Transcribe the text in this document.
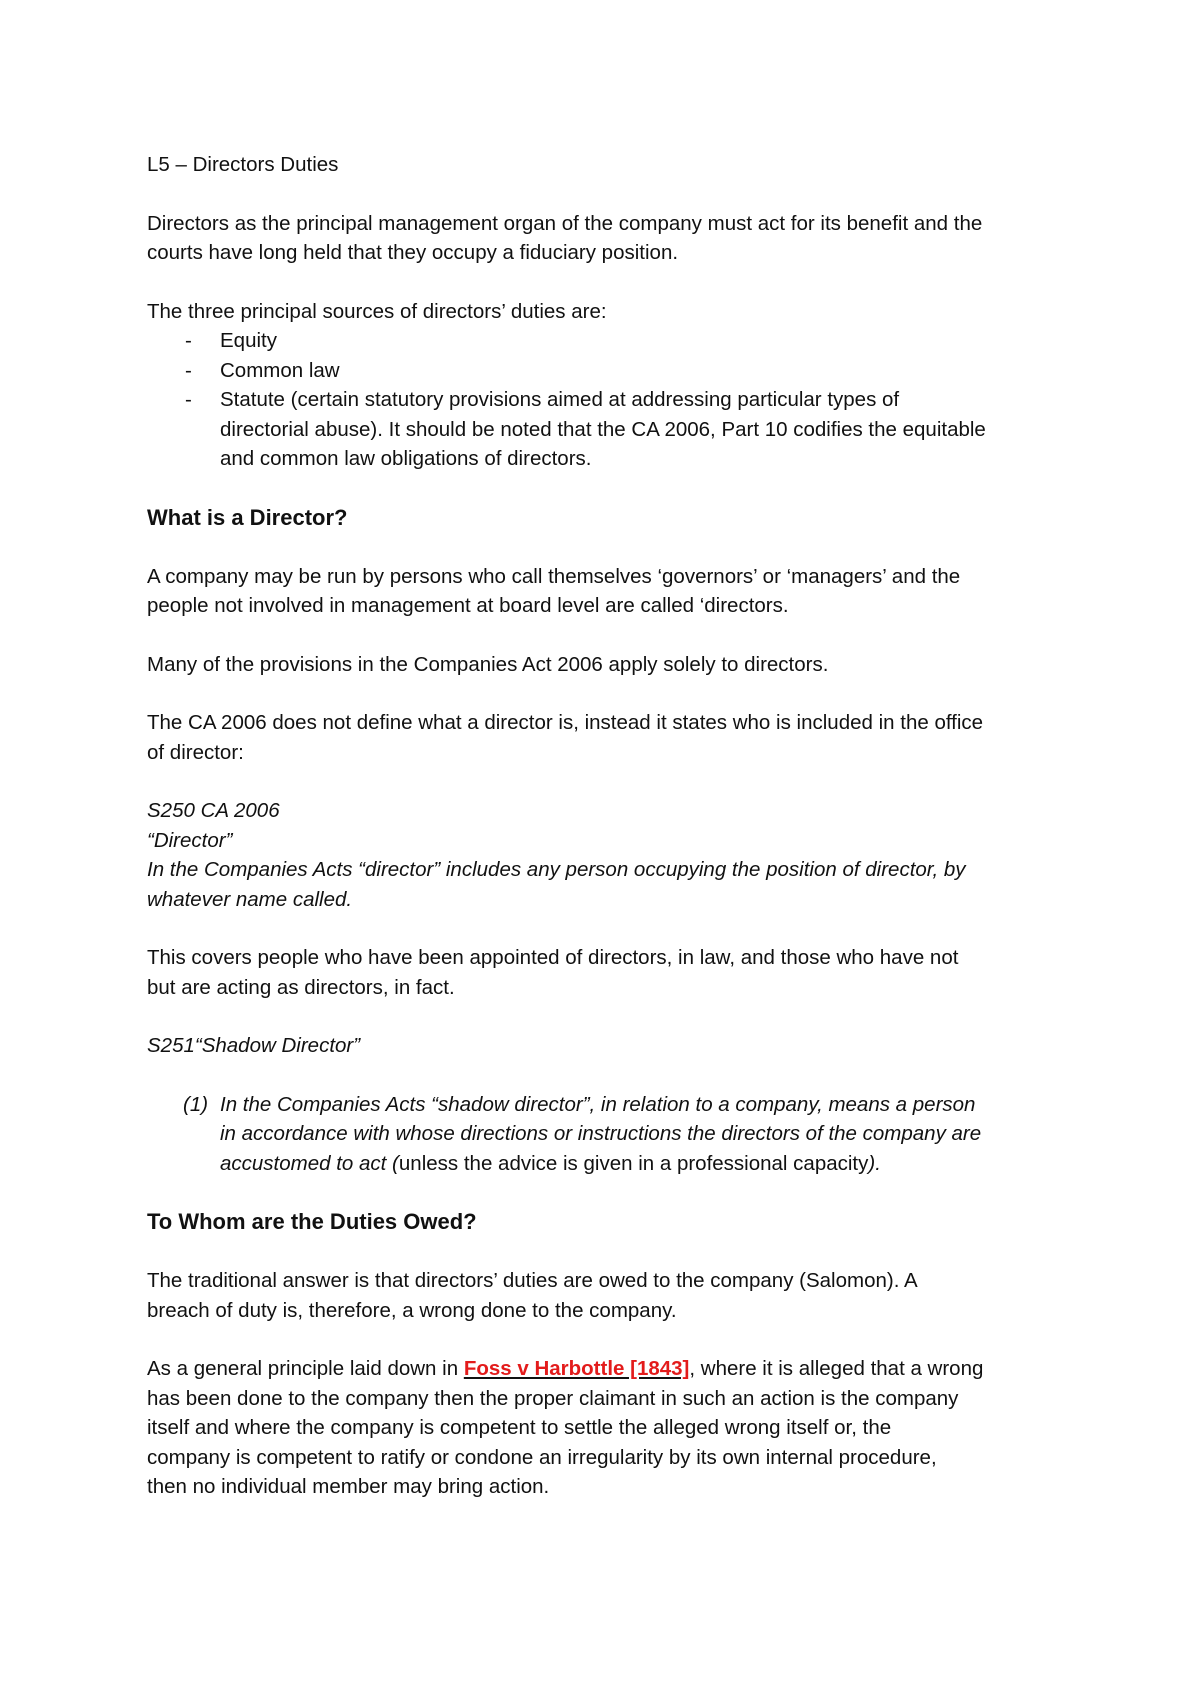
L5 – Directors Duties

Directors as the principal management organ of the company must act for its benefit and the

courts have long held that they occupy a fiduciary position.

The three principal sources of directors’ duties are:

- Equity
- Common law
- Statute (certain statutory provisions aimed at addressing particular types of
directorial abuse). It should be noted that the CA 2006, Part 10 codifies the equitable
and common law obligations of directors.

What is a Director?

A company may be run by persons who call themselves ‘governors’ or ‘managers’ and the

people not involved in management at board level are called ‘directors.

Many of the provisions in the Companies Act 2006 apply solely to directors.

The CA 2006 does not define what a director is, instead it states who is included in the office

of director:

S250 CA 2006

“Director”

In the Companies Acts “director” includes any person occupying the position of director, by

whatever name called.

This covers people who have been appointed of directors, in law, and those who have not

but are acting as directors, in fact.

S251“Shadow Director”

(1) In the Companies Acts “shadow director”, in relation to a company, means a person
in accordance with whose directions or instructions the directors of the company are
accustomed to act (unless the advice is given in a professional capacity).

To Whom are the Duties Owed?

The traditional answer is that directors’ duties are owed to the company (Salomon). A

breach of duty is, therefore, a wrong done to the company.

As a general principle laid down in Foss v Harbottle [1843], where it is alleged that a wrong

has been done to the company then the proper claimant in such an action is the company

itself and where the company is competent to settle the alleged wrong itself or, the

company is competent to ratify or condone an irregularity by its own internal procedure,

then no individual member may bring action.
